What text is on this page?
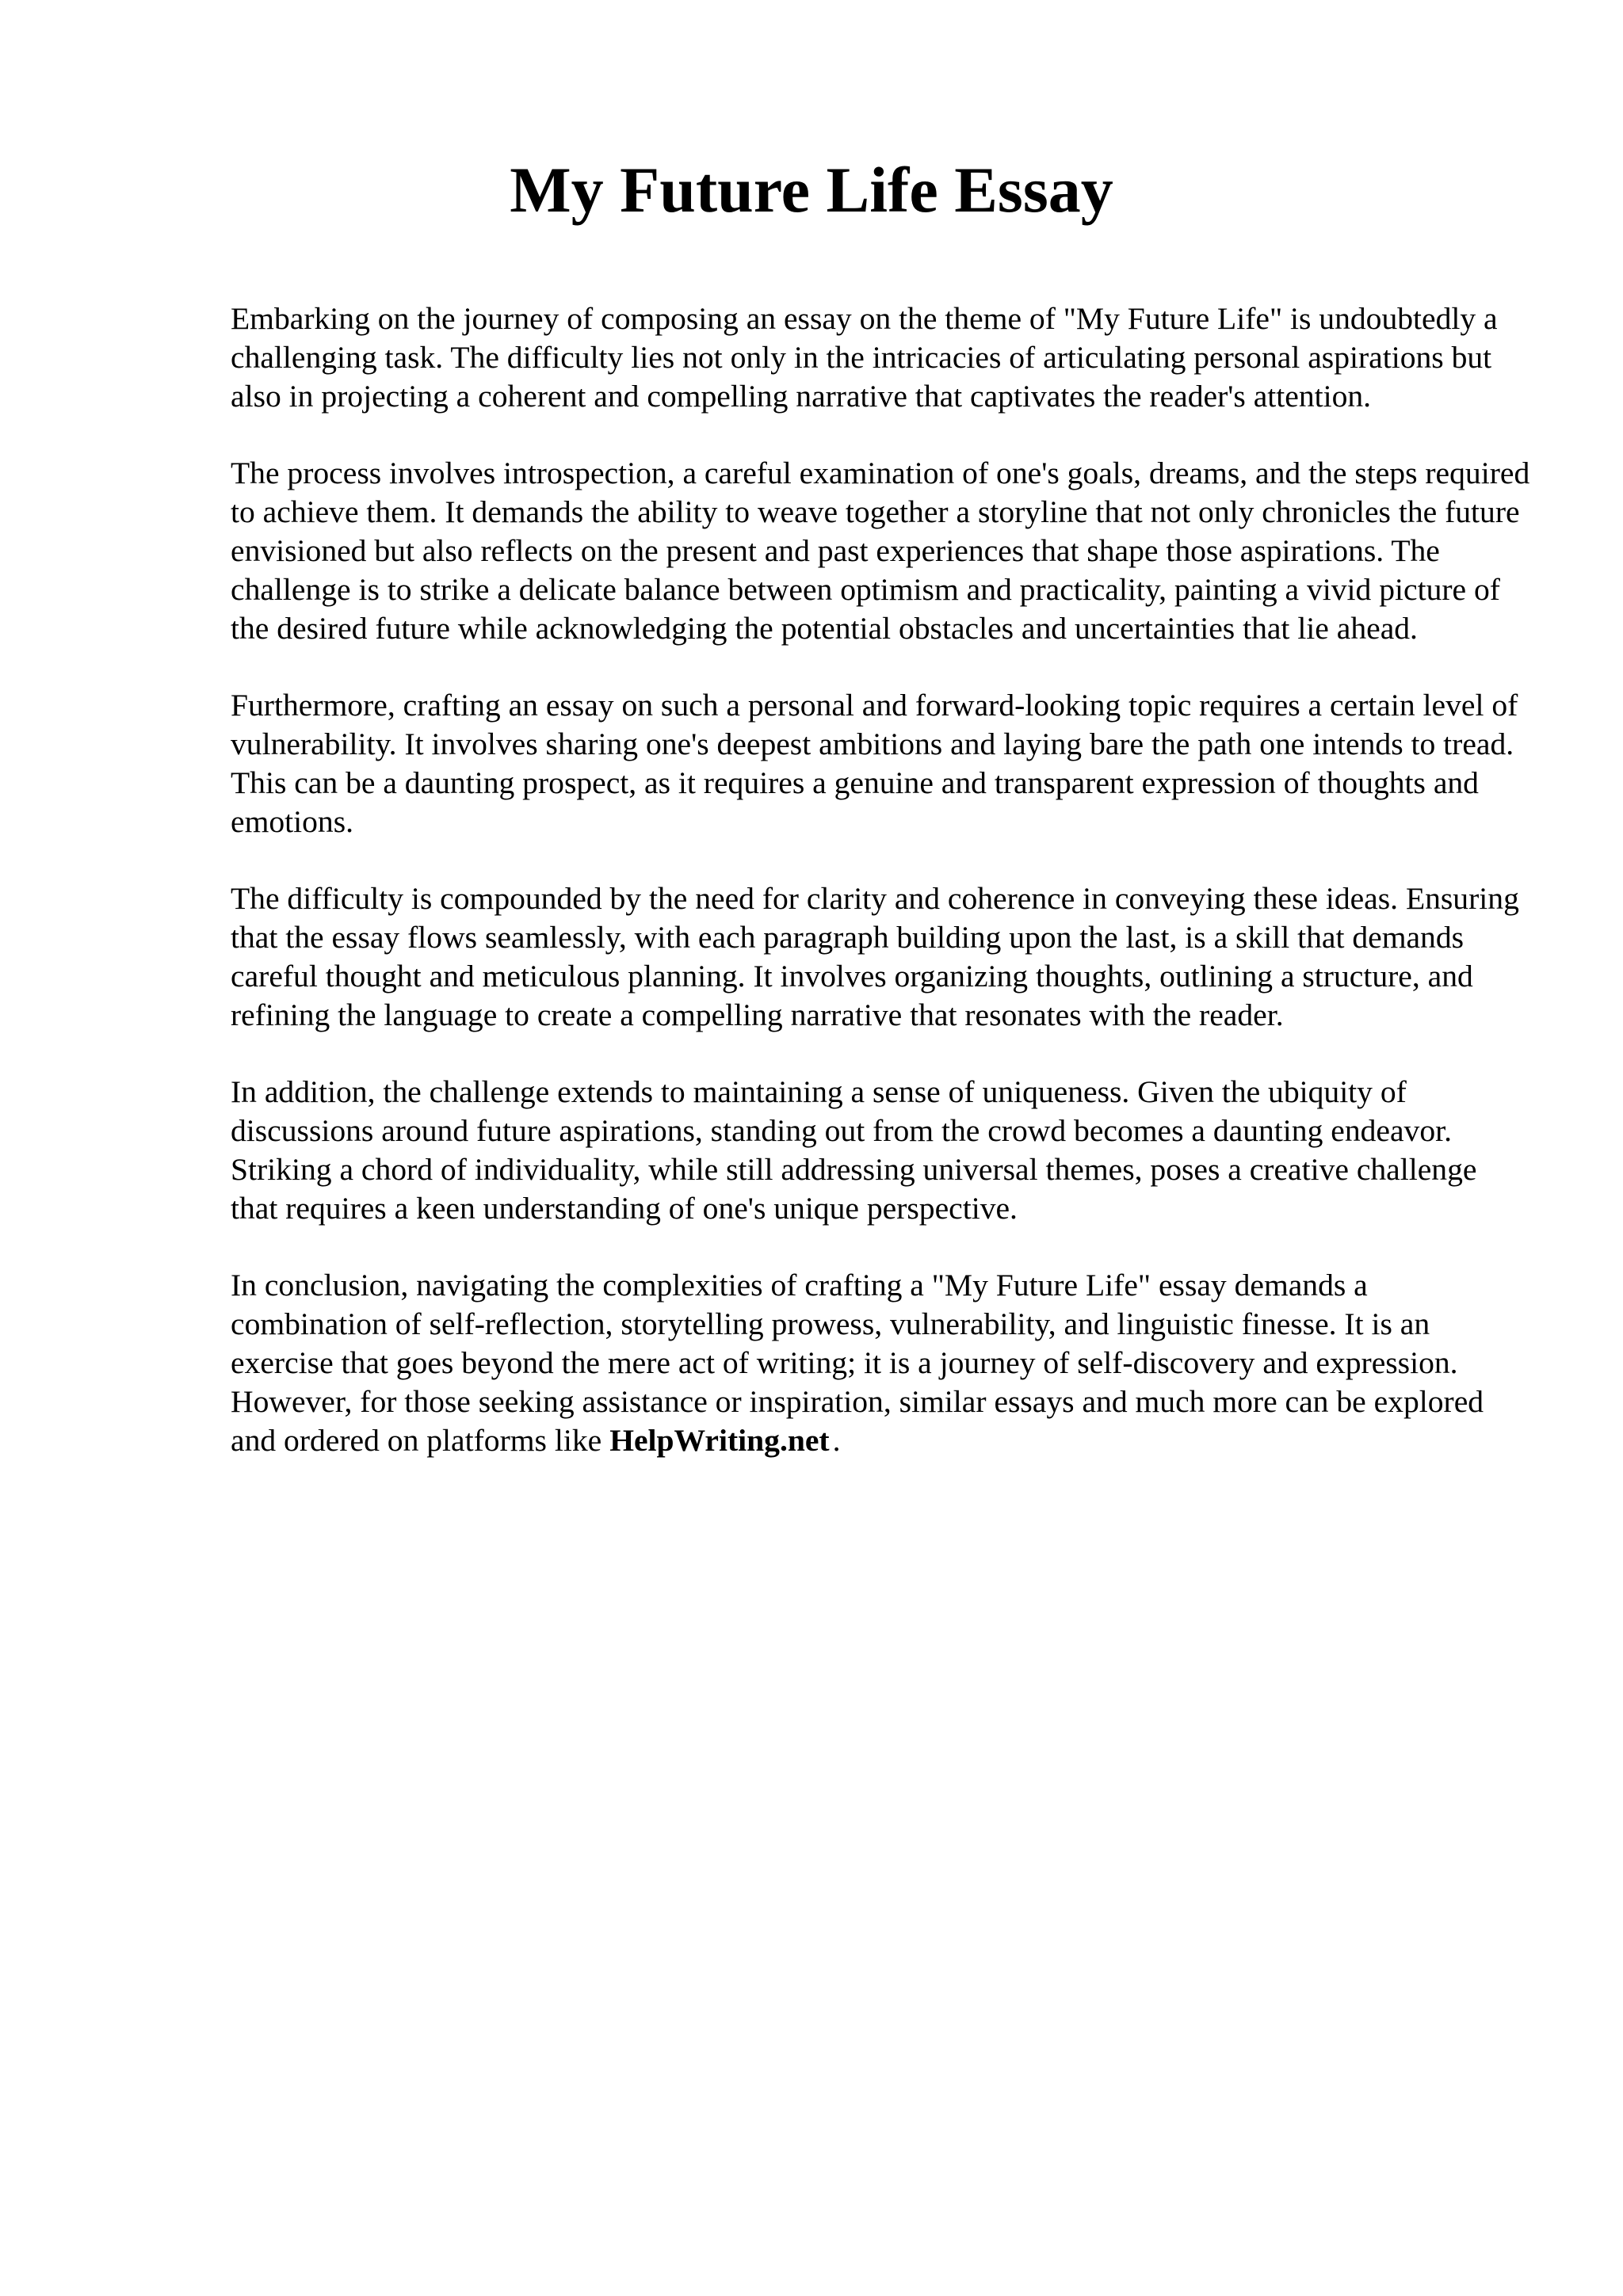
My Future Life Essay

Embarking on the journey of composing an essay on the theme of "My Future Life" is undoubtedly a challenging task. The difficulty lies not only in the intricacies of articulating personal aspirations but also in projecting a coherent and compelling narrative that captivates the reader's attention.

The process involves introspection, a careful examination of one's goals, dreams, and the steps required to achieve them. It demands the ability to weave together a storyline that not only chronicles the future envisioned but also reflects on the present and past experiences that shape those aspirations. The challenge is to strike a delicate balance between optimism and practicality, painting a vivid picture of the desired future while acknowledging the potential obstacles and uncertainties that lie ahead.

Furthermore, crafting an essay on such a personal and forward-looking topic requires a certain level of vulnerability. It involves sharing one's deepest ambitions and laying bare the path one intends to tread. This can be a daunting prospect, as it requires a genuine and transparent expression of thoughts and emotions.

The difficulty is compounded by the need for clarity and coherence in conveying these ideas. Ensuring that the essay flows seamlessly, with each paragraph building upon the last, is a skill that demands careful thought and meticulous planning. It involves organizing thoughts, outlining a structure, and refining the language to create a compelling narrative that resonates with the reader.

In addition, the challenge extends to maintaining a sense of uniqueness. Given the ubiquity of discussions around future aspirations, standing out from the crowd becomes a daunting endeavor. Striking a chord of individuality, while still addressing universal themes, poses a creative challenge that requires a keen understanding of one's unique perspective.

In conclusion, navigating the complexities of crafting a "My Future Life" essay demands a combination of self-reflection, storytelling prowess, vulnerability, and linguistic finesse. It is an exercise that goes beyond the mere act of writing; it is a journey of self-discovery and expression. However, for those seeking assistance or inspiration, similar essays and much more can be explored and ordered on platforms like HelpWriting.net .
